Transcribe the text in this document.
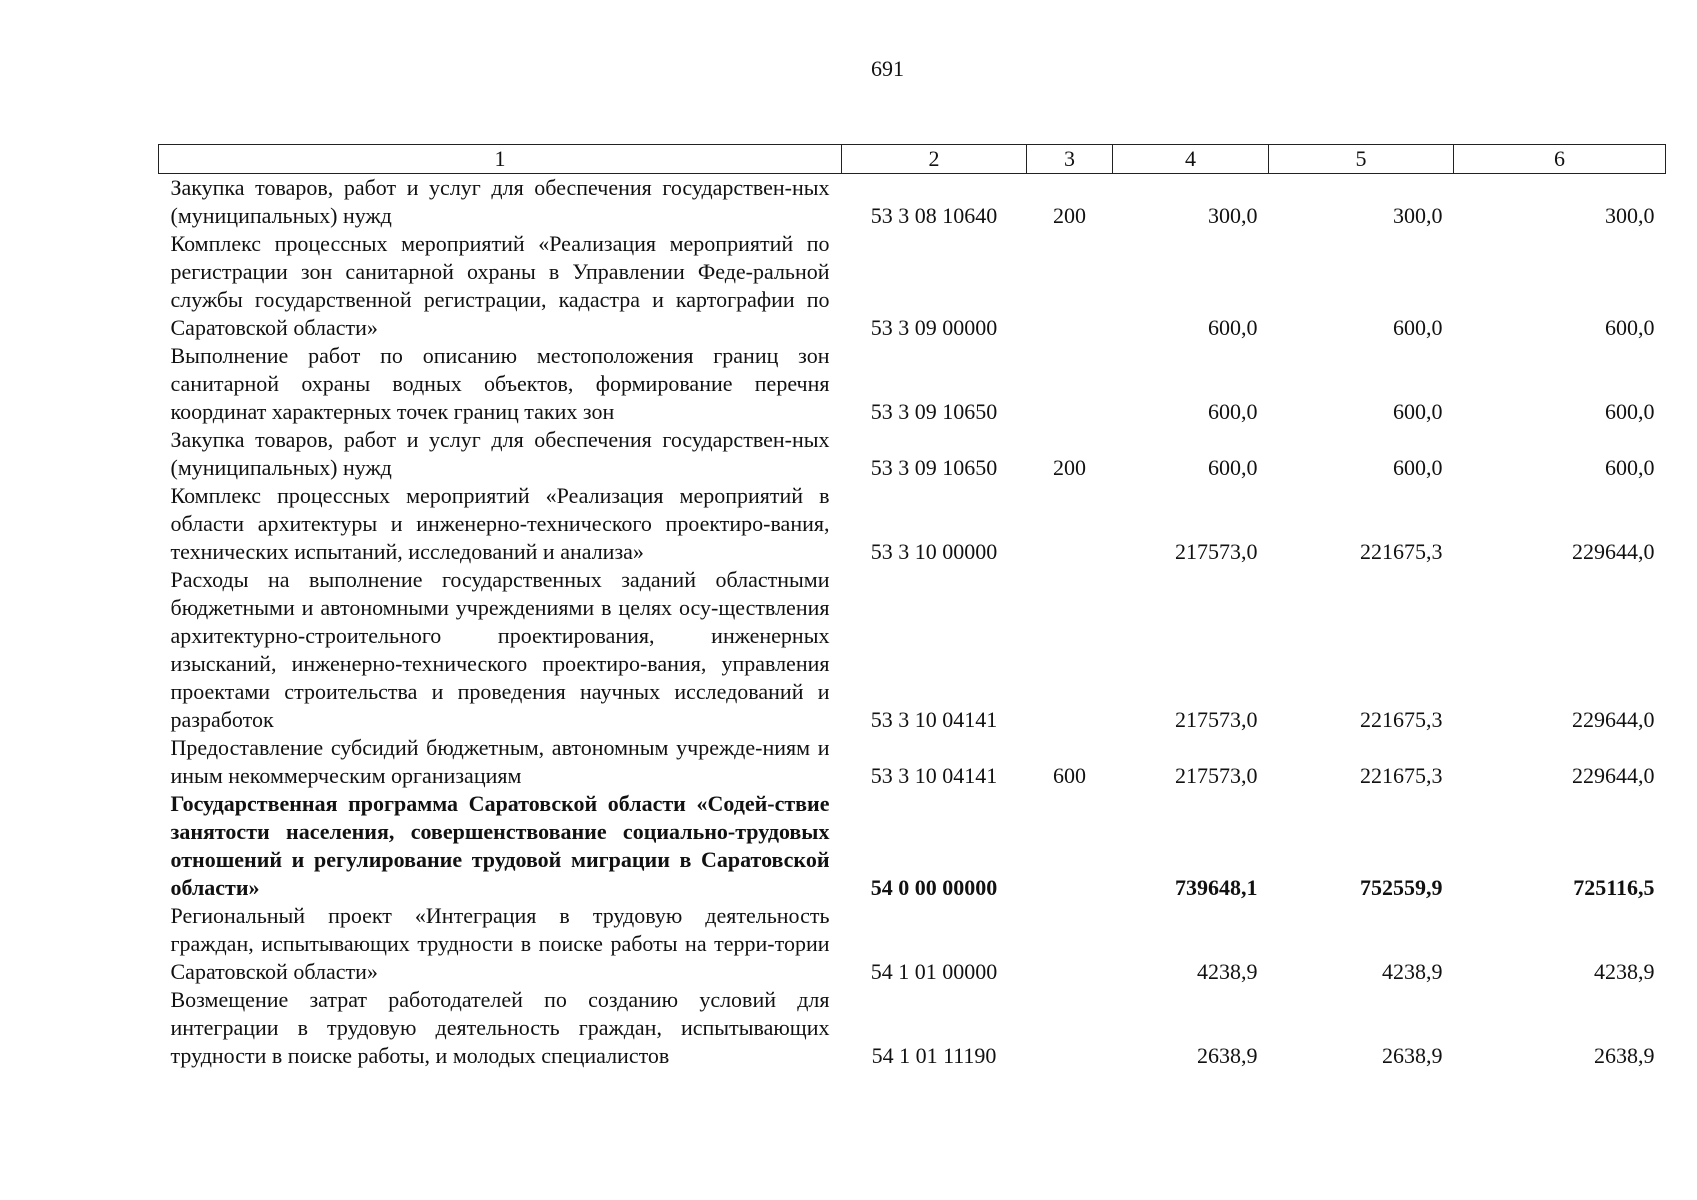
691
1	2	3	4	5	6
Закупка товаров, работ и услуг для обеспечения государствен-ных (муниципальных) нужд	53 3 08 10640	200	300,0	300,0	300,0
Комплекс процессных мероприятий «Реализация мероприятий по регистрации зон санитарной охраны в Управлении Феде-ральной службы государственной регистрации, кадастра и картографии по Саратовской области»	53 3 09 00000		600,0	600,0	600,0
Выполнение работ по описанию местоположения границ зон санитарной охраны водных объектов, формирование перечня координат характерных точек границ таких зон	53 3 09 10650		600,0	600,0	600,0
Закупка товаров, работ и услуг для обеспечения государствен-ных (муниципальных) нужд	53 3 09 10650	200	600,0	600,0	600,0
Комплекс процессных мероприятий «Реализация мероприятий в области архитектуры и инженерно-технического проектиро-вания, технических испытаний, исследований и анализа»	53 3 10 00000		217573,0	221675,3	229644,0
Расходы на выполнение государственных заданий областными бюджетными и автономными учреждениями в целях осу-ществления архитектурно-строительного проектирования, инженерных изысканий, инженерно-технического проектиро-вания, управления проектами строительства и проведения научных исследований и разработок	53 3 10 04141		217573,0	221675,3	229644,0
Предоставление субсидий бюджетным, автономным учрежде-ниям и иным некоммерческим организациям	53 3 10 04141	600	217573,0	221675,3	229644,0
Государственная программа Саратовской области «Содей-ствие занятости населения, совершенствование социально-трудовых отношений и регулирование трудовой миграции в Саратовской области»	54 0 00 00000		739648,1	752559,9	725116,5
Региональный проект «Интеграция в трудовую деятельность граждан, испытывающих трудности в поиске работы на терри-тории Саратовской области»	54 1 01 00000		4238,9	4238,9	4238,9
Возмещение затрат работодателей по созданию условий для интеграции в трудовую деятельность граждан, испытывающих трудности в поиске работы, и молодых специалистов	54 1 01 11190		2638,9	2638,9	2638,9
